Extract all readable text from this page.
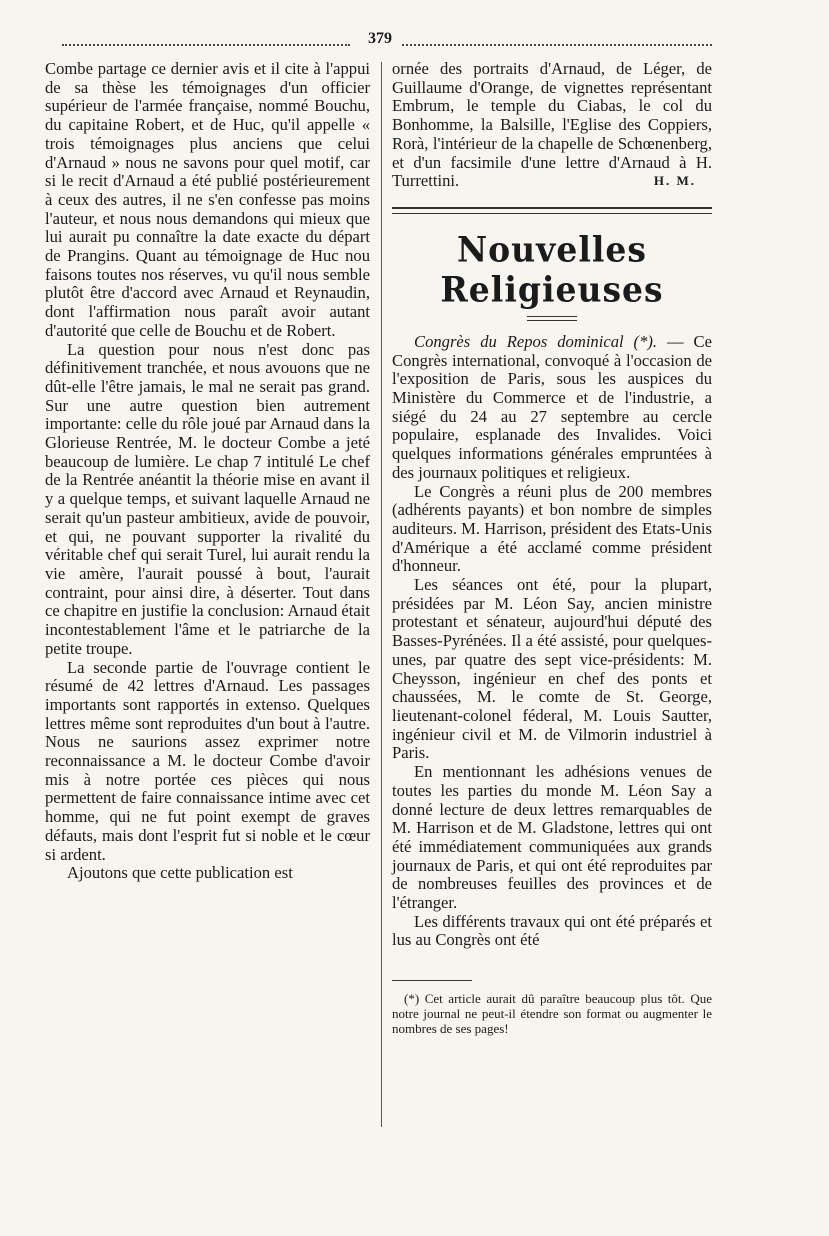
379

Combe partage ce dernier avis et il cite à l'appui de sa thèse les témoignages d'un officier supérieur de l'armée française, nommé Bouchu, du capitaine Robert, et de Huc, qu'il appelle « trois témoignages plus anciens que celui d'Arnaud » nous ne savons pour quel motif, car si le recit d'Arnaud a été publié postérieurement à ceux des autres, il ne s'en confesse pas moins l'auteur, et nous nous demandons qui mieux que lui aurait pu connaître la date exacte du départ de Prangins. Quant au témoignage de Huc nou faisons toutes nos réserves, vu qu'il nous semble plutôt être d'accord avec Arnaud et Reynaudin, dont l'affirmation nous paraît avoir autant d'autorité que celle de Bouchu et de Robert.

La question pour nous n'est donc pas définitivement tranchée, et nous avouons que ne dût-elle l'être jamais, le mal ne serait pas grand. Sur une autre question bien autrement importante: celle du rôle joué par Arnaud dans la Glorieuse Rentrée, M. le docteur Combe a jeté beaucoup de lumière. Le chap 7 intitulé Le chef de la Rentrée anéantit la théorie mise en avant il y a quelque temps, et suivant laquelle Arnaud ne serait qu'un pasteur ambitieux, avide de pouvoir, et qui, ne pouvant supporter la rivalité du véritable chef qui serait Turel, lui aurait rendu la vie amère, l'aurait poussé à bout, l'aurait contraint, pour ainsi dire, à déserter. Tout dans ce chapitre en justifie la conclusion: Arnaud était incontestablement l'âme et le patriarche de la petite troupe.

La seconde partie de l'ouvrage contient le résumé de 42 lettres d'Arnaud. Les passages importants sont rapportés in extenso. Quelques lettres même sont reproduites d'un bout à l'autre. Nous ne saurions assez exprimer notre reconnaissance a M. le docteur Combe d'avoir mis à notre portée ces pièces qui nous permettent de faire connaissance intime avec cet homme, qui ne fut point exempt de graves défauts, mais dont l'esprit fut si noble et le cœur si ardent.

Ajoutons que cette publication est

ornée des portraits d'Arnaud, de Léger, de Guillaume d'Orange, de vignettes représentant Embrum, le temple du Ciabas, le col du Bonhomme, la Balsille, l'Eglise des Coppiers, Rorà, l'intérieur de la chapelle de Schœnenberg, et d'un facsimile d'une lettre d'Arnaud à H. Turrettini.	H. M.

Nouvelles Religieuses

Congrès du Repos dominical (*). — Ce Congrès international, convoqué à l'occasion de l'exposition de Paris, sous les auspices du Ministère du Commerce et de l'industrie, a siégé du 24 au 27 septembre au cercle populaire, esplanade des Invalides. Voici quelques informations générales empruntées à des journaux politiques et religieux.

Le Congrès a réuni plus de 200 membres (adhérents payants) et bon nombre de simples auditeurs. M. Harrison, président des Etats-Unis d'Amérique a été acclamé comme président d'honneur.

Les séances ont été, pour la plupart, présidées par M. Léon Say, ancien ministre protestant et sénateur, aujourd'hui député des Basses-Pyrénées. Il a été assisté, pour quelques-unes, par quatre des sept vice-présidents: M. Cheysson, ingénieur en chef des ponts et chaussées, M. le comte de St. George, lieutenant-colonel féderal, M. Louis Sautter, ingénieur civil et M. de Vilmorin industriel à Paris.

En mentionnant les adhésions venues de toutes les parties du monde M. Léon Say a donné lecture de deux lettres remarquables de M. Harrison et de M. Gladstone, lettres qui ont été immédiatement communiquées aux grands journaux de Paris, et qui ont été reproduites par de nombreuses feuilles des provinces et de l'étranger.

Les différents travaux qui ont été préparés et lus au Congrès ont été

(*) Cet article aurait dû paraître beaucoup plus tôt. Que notre journal ne peut-il étendre son format ou augmenter le nombres de ses pages!
